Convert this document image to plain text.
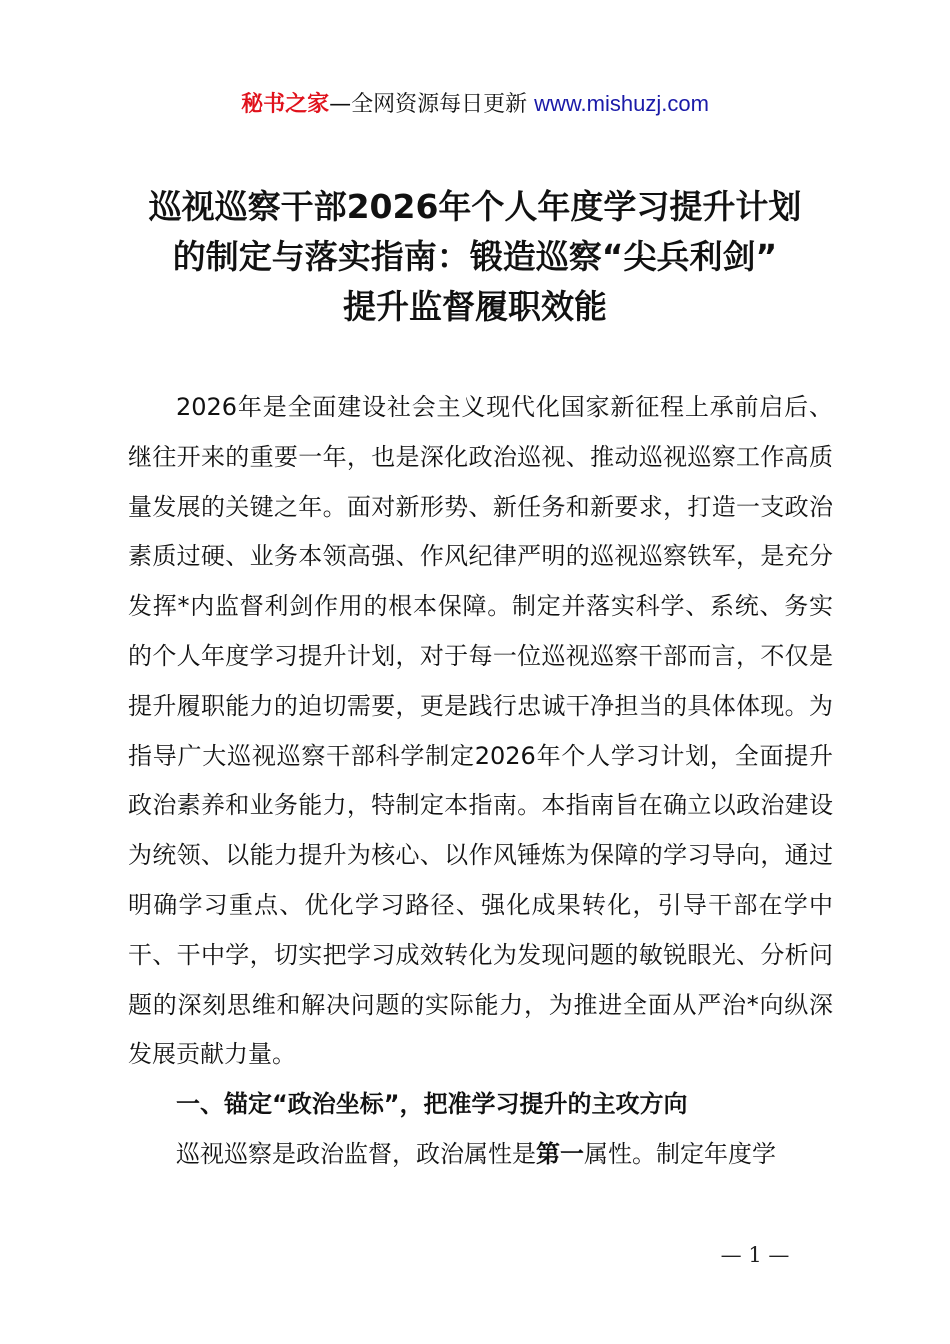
秘书之家—全网资源每日更新 www.mishuzj.com
巡视巡察干部2026年个人年度学习提升计划
的制定与落实指南：锻造巡察“尖兵利剑”
提升监督履职效能

2026年是全面建设社会主义现代化国家新征程上承前启后、继往开来的重要一年，也是深化政治巡视、推动巡视巡察工作高质量发展的关键之年。面对新形势、新任务和新要求，打造一支政治素质过硬、业务本领高强、作风纪律严明的巡视巡察铁军，是充分发挥*内监督利剑作用的根本保障。制定并落实科学、系统、务实的个人年度学习提升计划，对于每一位巡视巡察干部而言，不仅是提升履职能力的迫切需要，更是践行忠诚干净担当的具体体现。为指导广大巡视巡察干部科学制定2026年个人学习计划，全面提升政治素养和业务能力，特制定本指南。本指南旨在确立以政治建设为统领、以能力提升为核心、以作风锤炼为保障的学习导向，通过明确学习重点、优化学习路径、强化成果转化，引导干部在学中干、干中学，切实把学习成效转化为发现问题的敏锐眼光、分析问题的深刻思维和解决问题的实际能力，为推进全面从严治*向纵深发展贡献力量。

一、锚定“政治坐标”，把准学习提升的主攻方向

巡视巡察是政治监督，政治属性是第一属性。制定年度学

— 1 —
